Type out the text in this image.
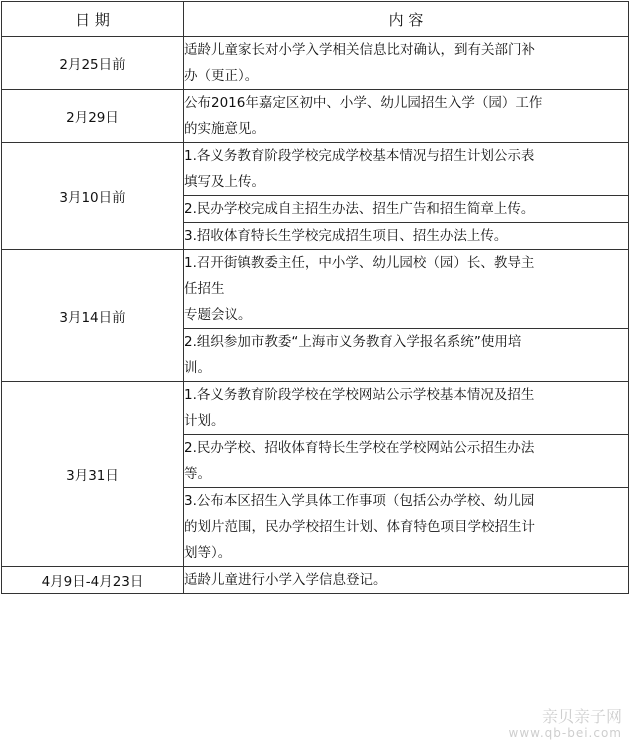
日 期	内 容
2月25日前	适龄儿童家长对小学入学相关信息比对确认，到有关部门补
办（更正）。

2月29日	公布2016年嘉定区初中、小学、幼儿园招生入学（园）工作
的实施意见。

3月10日前	1.各义务教育阶段学校完成学校基本情况与招生计划公示表
填写及上传。

	2.民办学校完成自主招生办法、招生广告和招生简章上传。

	3.招收体育特长生学校完成招生项目、招生办法上传。

3月14日前	1.召开街镇教委主任，中小学、幼儿园校（园）长、教导主
任招生
专题会议。

	2.组织参加市教委“上海市义务教育入学报名系统”使用培
训。

3月31日	1.各义务教育阶段学校在学校网站公示学校基本情况及招生
计划。

	2.民办学校、招收体育特长生学校在学校网站公示招生办法
等。

	3.公布本区招生入学具体工作事项（包括公办学校、幼儿园
的划片范围，民办学校招生计划、体育特色项目学校招生计
划等）。

4月9日-4月23日	适龄儿童进行小学入学信息登记。
亲贝亲子网
www.qb-bei.com
